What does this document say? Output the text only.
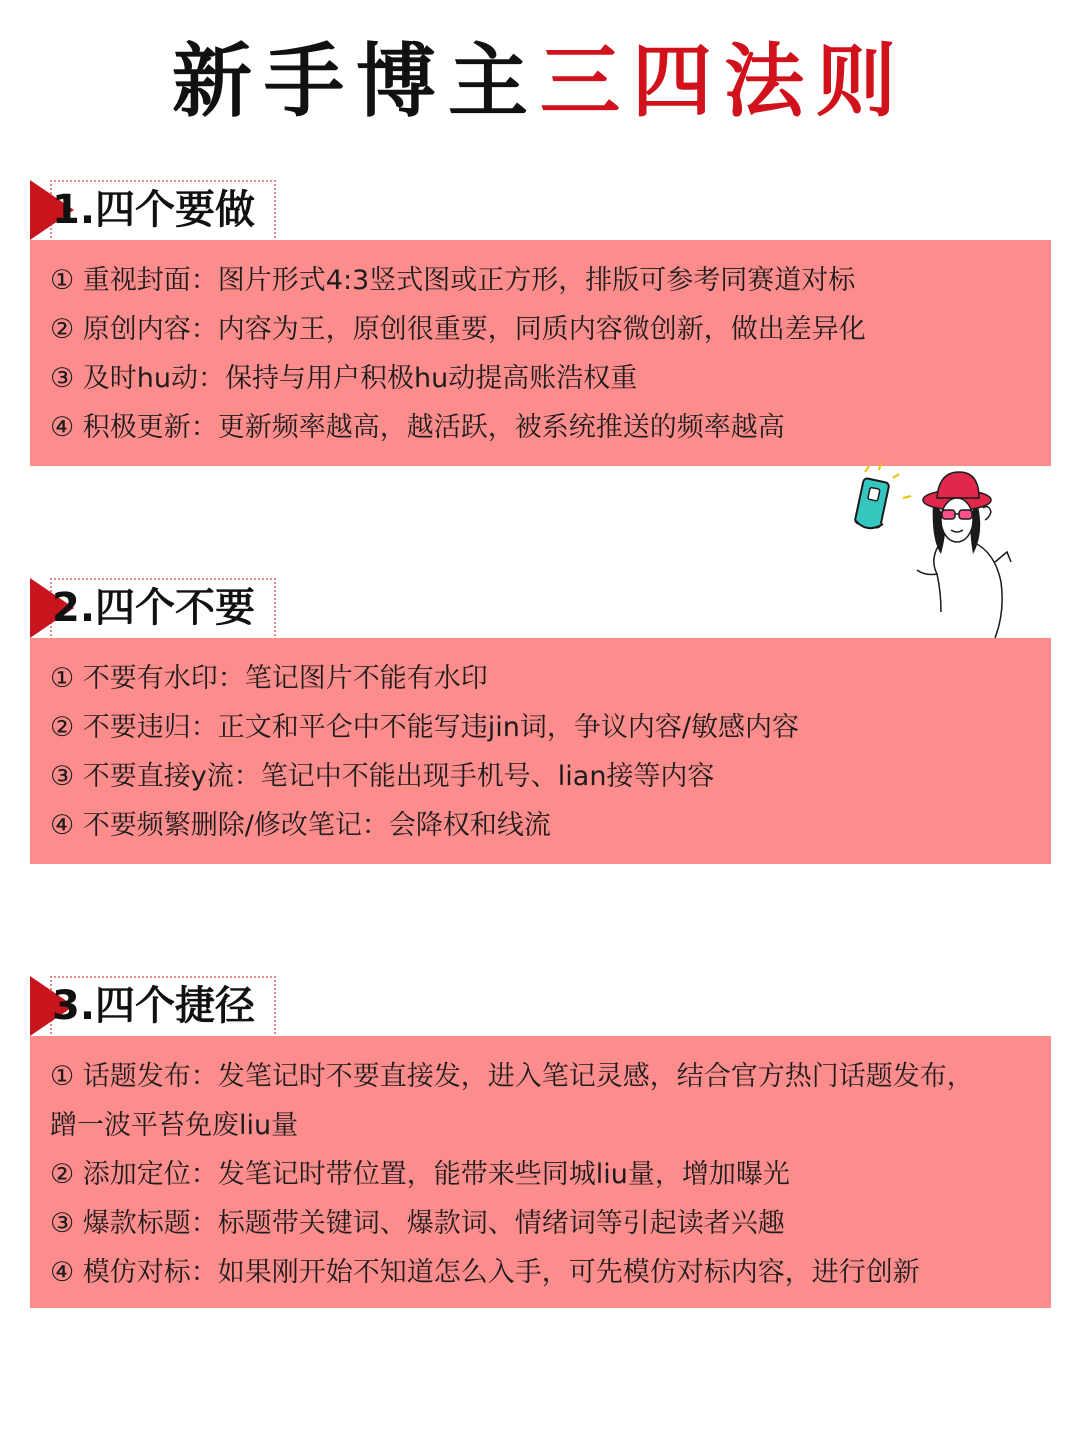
新手博主三四法则
1.四个要做
① 重视封面：图片形式4:3竖式图或正方形，排版可参考同赛道对标
② 原创内容：内容为王，原创很重要，同质内容微创新，做出差异化
③ 及时hu动：保持与用户积极hu动提高账浩权重
④ 积极更新：更新频率越高，越活跃，被系统推送的频率越高
2.四个不要
① 不要有水印：笔记图片不能有水印
② 不要违归：正文和平仑中不能写违jin词，争议内容/敏感内容
③ 不要直接y流：笔记中不能出现手机号、lian接等内容
④ 不要频繁删除/修改笔记：会降权和线流
3.四个捷径
① 话题发布：发笔记时不要直接发，进入笔记灵感，结合官方热门话题发布，蹭一波平苔免废liu量
② 添加定位：发笔记时带位置，能带来些同城liu量，增加曝光
③ 爆款标题：标题带关键词、爆款词、情绪词等引起读者兴趣
④ 模仿对标：如果刚开始不知道怎么入手，可先模仿对标内容，进行创新
